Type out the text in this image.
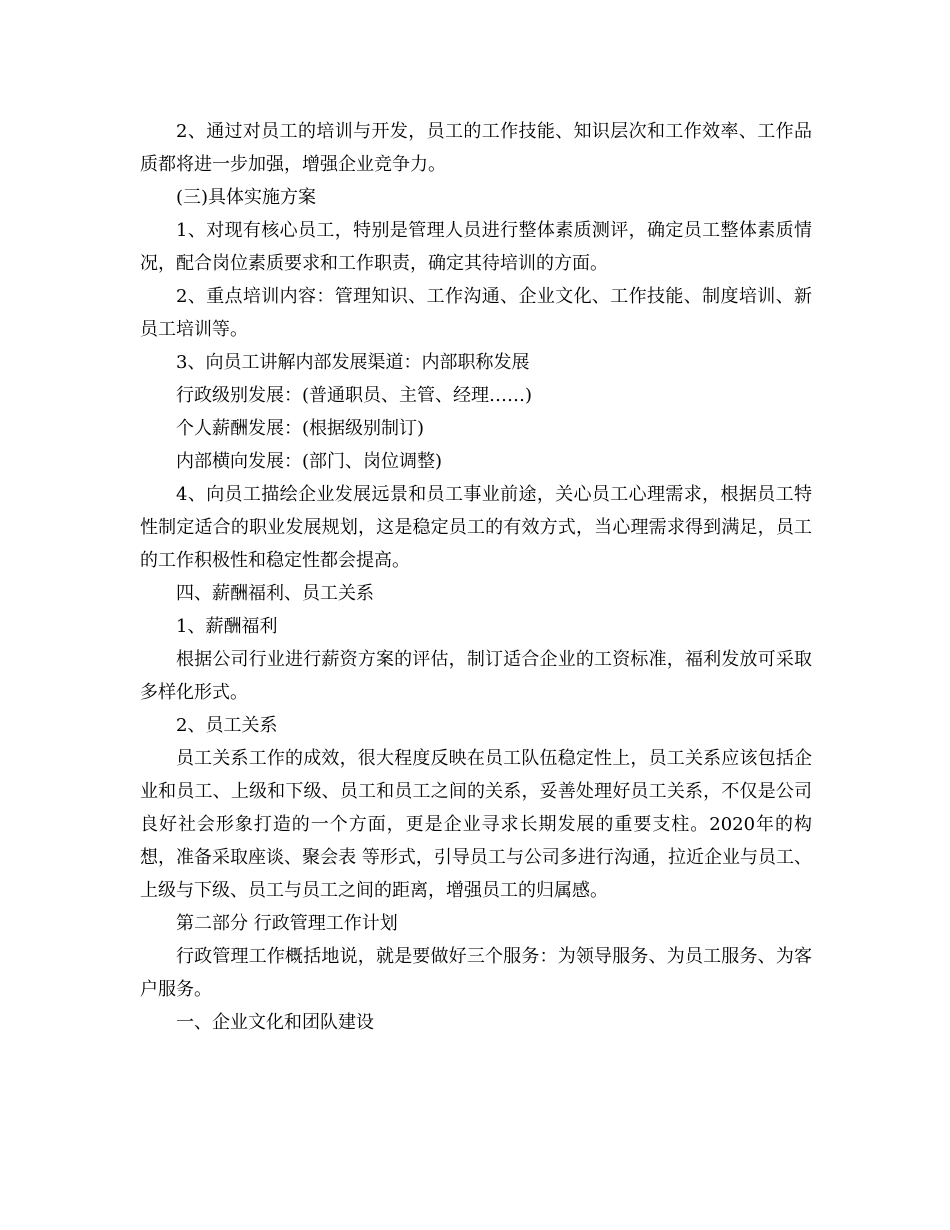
2、通过对员工的培训与开发，员工的工作技能、知识层次和工作效率、工作品质都将进一步加强，增强企业竞争力。

(三)具体实施方案

1、对现有核心员工，特别是管理人员进行整体素质测评，确定员工整体素质情况，配合岗位素质要求和工作职责，确定其待培训的方面。

2、重点培训内容：管理知识、工作沟通、企业文化、工作技能、制度培训、新员工培训等。

3、向员工讲解内部发展渠道：内部职称发展

行政级别发展：(普通职员、主管、经理……)

个人薪酬发展：(根据级别制订)

内部横向发展：(部门、岗位调整)

4、向员工描绘企业发展远景和员工事业前途，关心员工心理需求，根据员工特性制定适合的职业发展规划，这是稳定员工的有效方式，当心理需求得到满足，员工的工作积极性和稳定性都会提高。

四、薪酬福利、员工关系

1、薪酬福利

根据公司行业进行薪资方案的评估，制订适合企业的工资标准，福利发放可采取多样化形式。

2、员工关系

员工关系工作的成效，很大程度反映在员工队伍稳定性上，员工关系应该包括企业和员工、上级和下级、员工和员工之间的关系，妥善处理好员工关系，不仅是公司良好社会形象打造的一个方面，更是企业寻求长期发展的重要支柱。2020年的构想，准备采取座谈、聚会表 等形式，引导员工与公司多进行沟通，拉近企业与员工、上级与下级、员工与员工之间的距离，增强员工的归属感。

第二部分 行政管理工作计划

行政管理工作概括地说，就是要做好三个服务：为领导服务、为员工服务、为客户服务。

一、企业文化和团队建设
